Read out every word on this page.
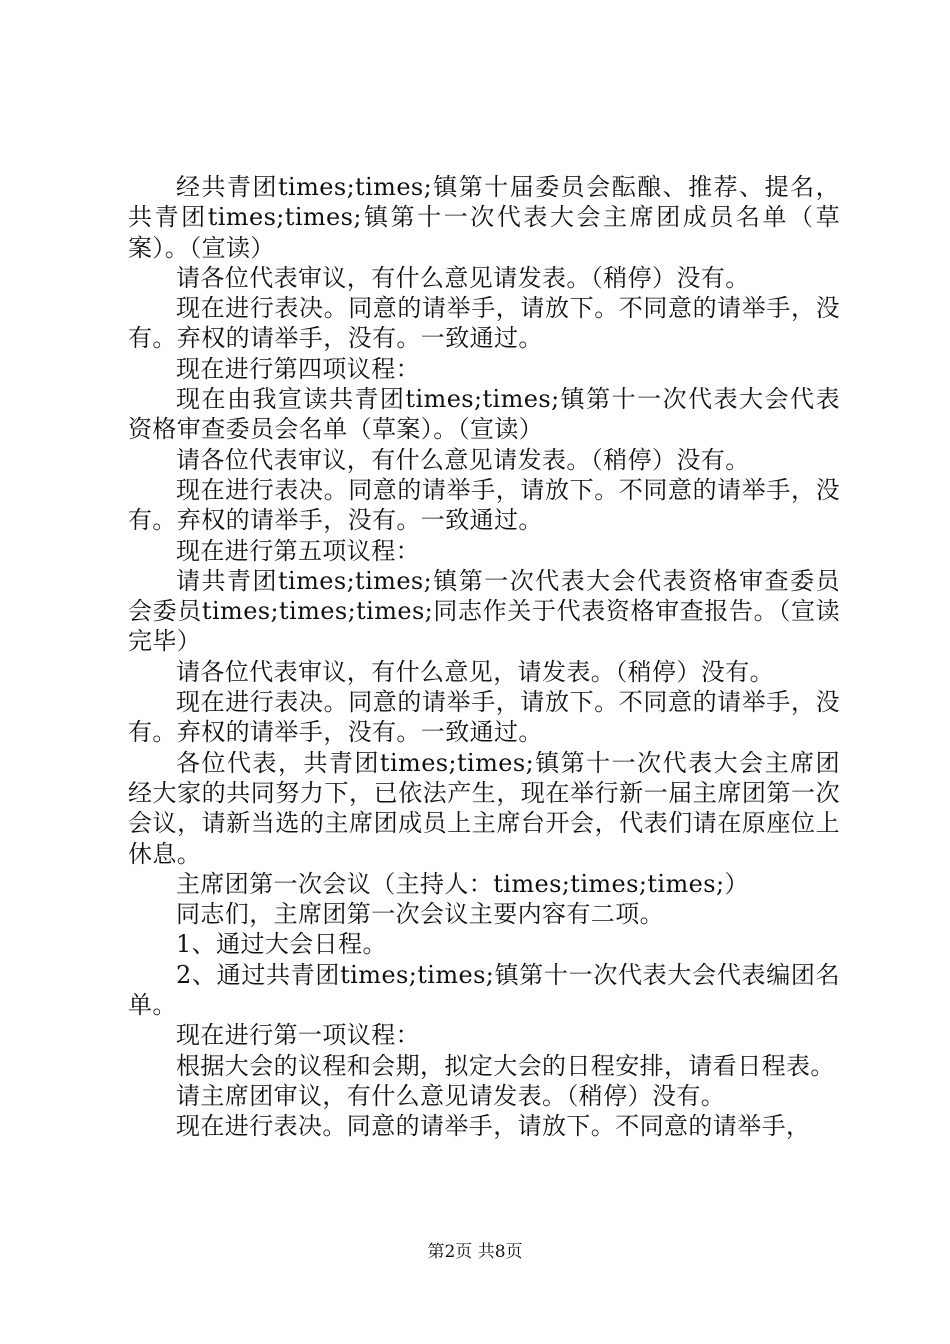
经共青团times;times;镇第十届委员会酝酿、推荐、提名，共青团times;times;镇第十一次代表大会主席团成员名单（草案）。（宣读）

请各位代表审议，有什么意见请发表。（稍停）没有。

现在进行表决。同意的请举手，请放下。不同意的请举手，没有。弃权的请举手，没有。一致通过。

现在进行第四项议程：

现在由我宣读共青团times;times;镇第十一次代表大会代表资格审查委员会名单（草案）。（宣读）

请各位代表审议，有什么意见请发表。（稍停）没有。

现在进行表决。同意的请举手，请放下。不同意的请举手，没有。弃权的请举手，没有。一致通过。

现在进行第五项议程：

请共青团times;times;镇第一次代表大会代表资格审查委员会委员times;times;times;同志作关于代表资格审查报告。（宣读完毕）

请各位代表审议，有什么意见，请发表。（稍停）没有。

现在进行表决。同意的请举手，请放下。不同意的请举手，没有。弃权的请举手，没有。一致通过。

各位代表，共青团times;times;镇第十一次代表大会主席团经大家的共同努力下，已依法产生，现在举行新一届主席团第一次会议，请新当选的主席团成员上主席台开会，代表们请在原座位上休息。

主席团第一次会议（主持人：times;times;times;）

同志们，主席团第一次会议主要内容有二项。

1、通过大会日程。

2、通过共青团times;times;镇第十一次代表大会代表编团名单。

现在进行第一项议程：

根据大会的议程和会期，拟定大会的日程安排，请看日程表。

请主席团审议，有什么意见请发表。（稍停）没有。

现在进行表决。同意的请举手，请放下。不同意的请举手，

第2页 共8页
